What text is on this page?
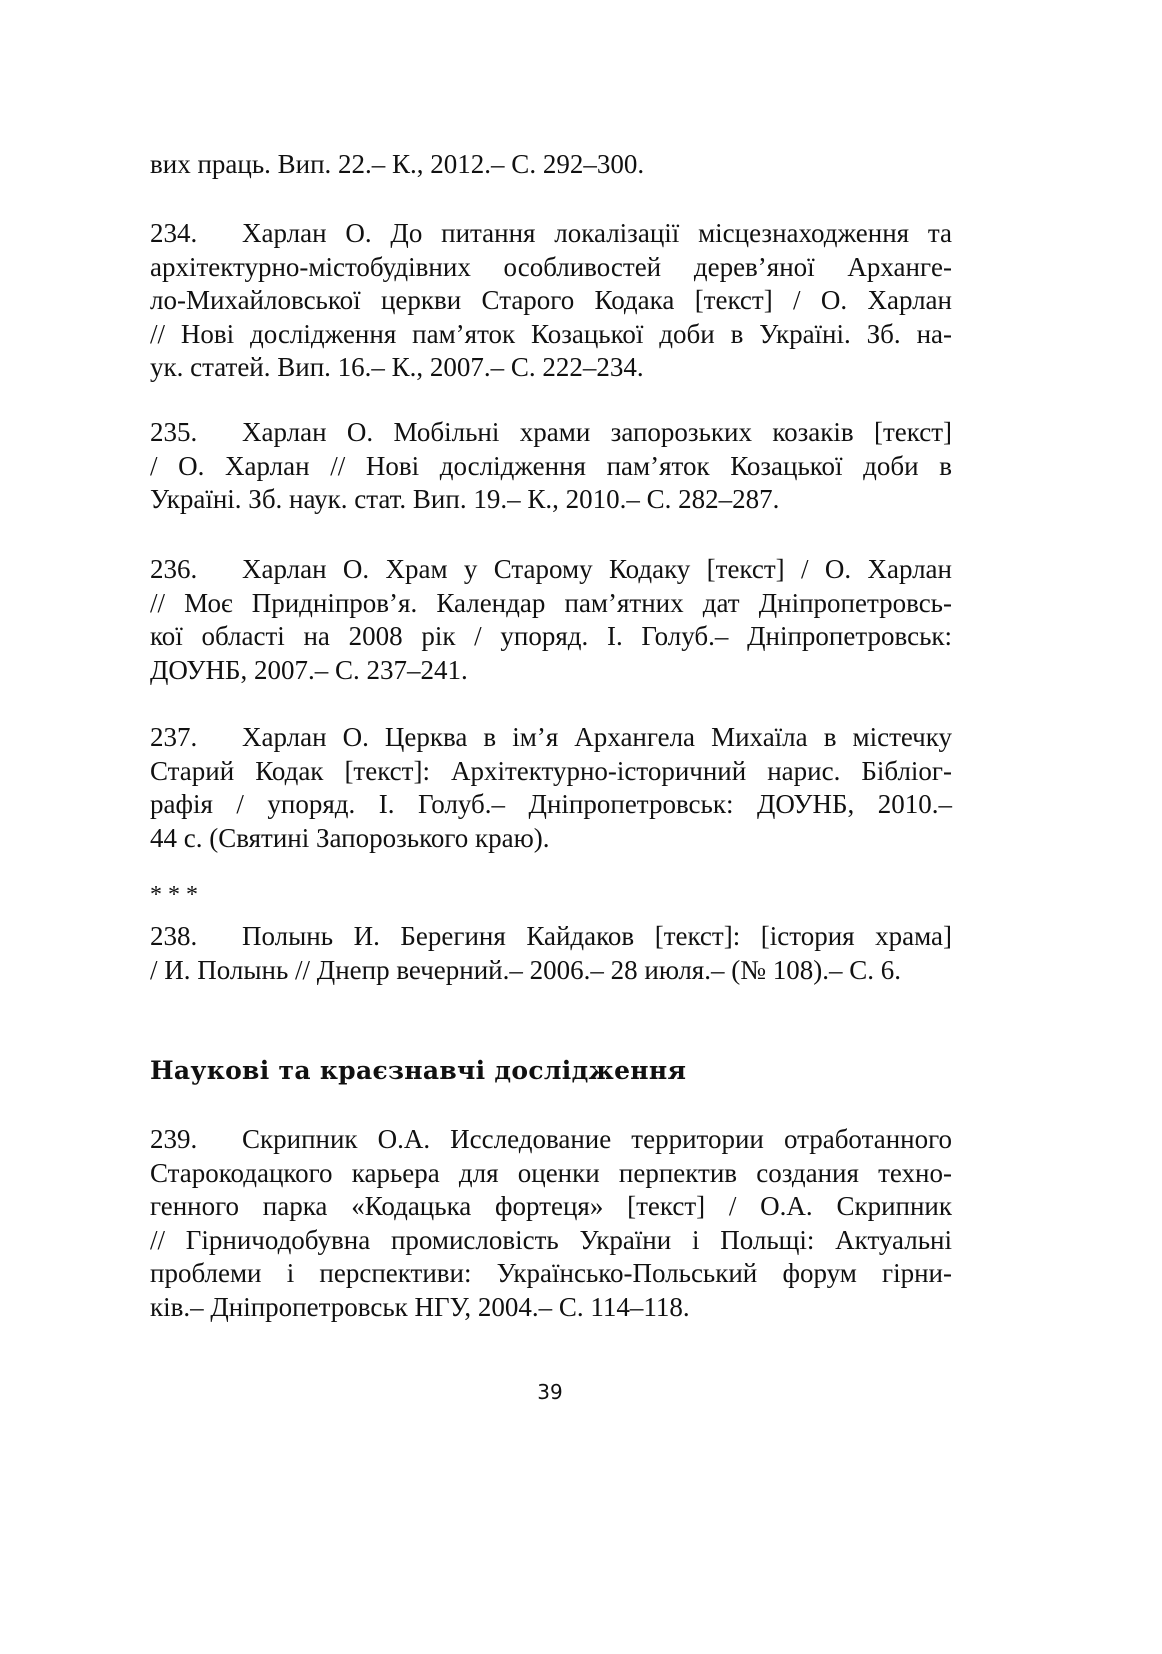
вих праць. Вип. 22.– К., 2012.– С. 292–300.
234.	Харлан О. До питання локалізації місцезнаходження та
архітектурно-містобудівних особливостей дерев’яної Архангe-
ло-Михайловської церкви Старого Кодака [текст] / О. Харлан
// Нові дослідження пам’яток Козацької доби в Україні. Зб. на-
ук. статей. Вип. 16.– К., 2007.– С. 222–234.
235.	Харлан О. Мобільні храми запорозьких козаків [текст]
/ О. Харлан // Нові дослідження пам’яток Козацької доби в
Україні. Зб. наук. стат. Вип. 19.– К., 2010.– С. 282–287.
236.	Харлан О. Храм у Старому Кодаку [текст] / О. Харлан
// Моє Придніпров’я. Календар пам’ятних дат Дніпропетровсь-
кої області на 2008 рік / упоряд. І. Голуб.– Дніпропетровськ:
ДОУНБ, 2007.– С. 237–241.
237.	Харлан О. Церква в ім’я Архангела Михаїла в містечку
Старий Кодак [текст]: Архітектурно-історичний нарис. Бібліог-
рафія / упоряд. І. Голуб.– Дніпропетровськ: ДОУНБ, 2010.–
44 с. (Святині Запорозького краю).
238.	Полынь И. Берегиня Кайдаков [текст]: [істория храма]
/ И. Полынь // Днепр вечерний.– 2006.– 28 июля.– (№ 108).– С. 6.
239.	Скрипник О.А. Исследование территории отработанного
Старокодацкого карьера для оценки перпектив создания техно-
генного парка «Кодацька фортеця» [текст] / О.А. Скрипник
// Гірничодобувна промисловість України і Польщі: Актуальні
проблеми і перспективи: Українсько-Польський форум гірни-
ків.– Дніпропетровськ НГУ, 2004.– С. 114–118.
* * *
Наукові та краєзнавчі дослідження
39
